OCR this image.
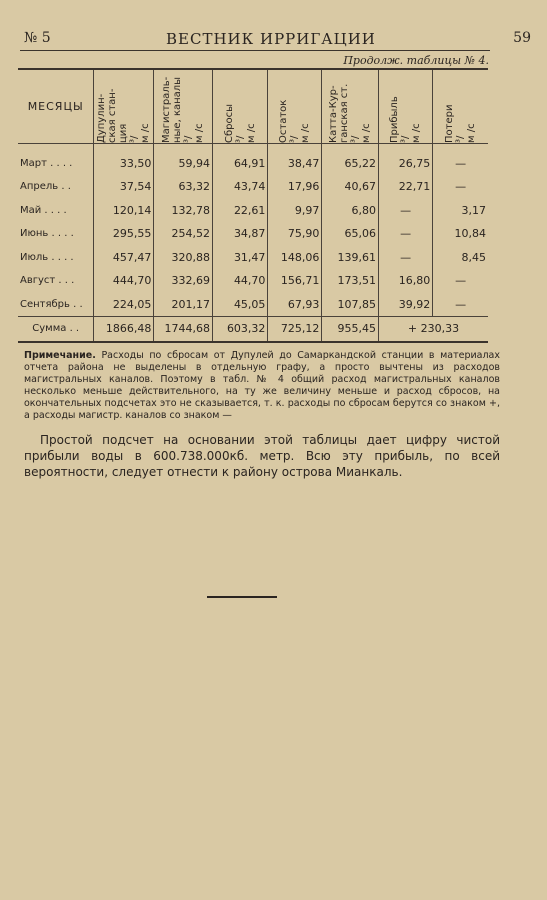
№ 5	ВЕСТНИК ИРРИГАЦИИ	59
Продолж. таблицы № 4.
МЕСЯЦЫ	Дупулин-
ская стан-
ция
³/
м /с	Магистраль-
ные, каналы
³/
м /с	Сбросы
³/
м /с	Остаток
³/
м /с	Катта-Кур-
ганская ст.
³/
м /с	Прибыль
³/
м /с	Потери
³/
м /с

Март . . . .	33,50	59,94	64,91	38,47	65,22	26,75	—
Апрель . .	37,54	63,32	43,74	17,96	40,67	22,71	—
Май . . . .	120,14	132,78	22,61	9,97	6,80	—	3,17
Июнь . . . .	295,55	254,52	34,87	75,90	65,06	—	10,84
Июль . . . .	457,47	320,88	31,47	148,06	139,61	—	8,45
Август . . .	444,70	332,69	44,70	156,71	173,51	16,80	—
Сентябрь . .	224,05	201,17	45,05	67,93	107,85	39,92	—
Сумма . .	1866,48	1744,68	603,32	725,12	955,45	+ 230,33	
Примечание. Расходы по сбросам от Дупулей до Самаркандской станции в материалах отчета района не выделены в отдельную графу, а просто вычтены из расходов магистральных каналов. Поэтому в табл. № 4 общий расход магистральных каналов несколько меньше действительного, на ту же величину меньше и расход сбросов, на окончательных подсчетах это не сказывается, т. к. расходы по сбросам берутся со знаком +, а расходы магистр. каналов со знаком —
Простой подсчет на основании этой таблицы дает цифру чистой прибыли воды в 600.738.000кб. метр. Всю эту прибыль, по всей вероятности, следует отнести к району острова Мианкаль.
